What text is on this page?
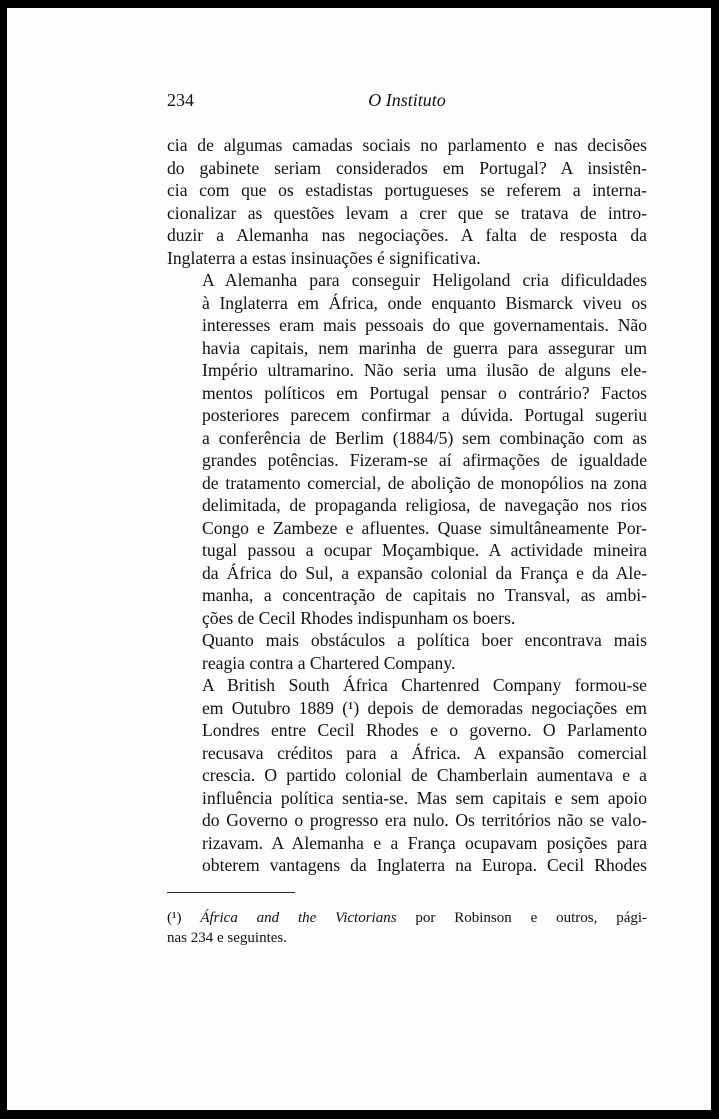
234	O Instituto

cia de algumas camadas sociais no parlamento e nas decisões
do gabinete seriam considerados em Portugal? A insistên-
cia com que os estadistas portugueses se referem a interna-
cionalizar as questões levam a crer que se tratava de intro-
duzir a Alemanha nas negociações. A falta de resposta da
Inglaterra a estas insinuações é significativa.

A Alemanha para conseguir Heligoland cria dificuldades
à Inglaterra em África, onde enquanto Bismarck viveu os
interesses eram mais pessoais do que governamentais. Não
havia capitais, nem marinha de guerra para assegurar um
Império ultramarino. Não seria uma ilusão de alguns ele-
mentos políticos em Portugal pensar o contrário? Factos
posteriores parecem confirmar a dúvida. Portugal sugeriu
a conferência de Berlim (1884/5) sem combinação com as
grandes potências. Fizeram-se aí afirmações de igualdade
de tratamento comercial, de abolição de monopólios na zona
delimitada, de propaganda religiosa, de navegação nos rios
Congo e Zambeze e afluentes. Quase simultâneamente Por-
tugal passou a ocupar Moçambique. A actividade mineira
da África do Sul, a expansão colonial da França e da Ale-
manha, a concentração de capitais no Transval, as ambi-
ções de Cecil Rhodes indispunham os boers.

Quanto mais obstáculos a política boer encontrava mais
reagia contra a Chartered Company.

A British South África Chartenred Company formou-se
em Outubro 1889 (¹) depois de demoradas negociações em
Londres entre Cecil Rhodes e o governo. O Parlamento
recusava créditos para a África. A expansão comercial
crescia. O partido colonial de Chamberlain aumentava e a
influência política sentia-se. Mas sem capitais e sem apoio
do Governo o progresso era nulo. Os territórios não se valo-
rizavam. A Alemanha e a França ocupavam posições para
obterem vantagens da Inglaterra na Europa. Cecil Rhodes

(¹) África and the Victorians por Robinson e outros, pági-
nas 234 e seguintes.
